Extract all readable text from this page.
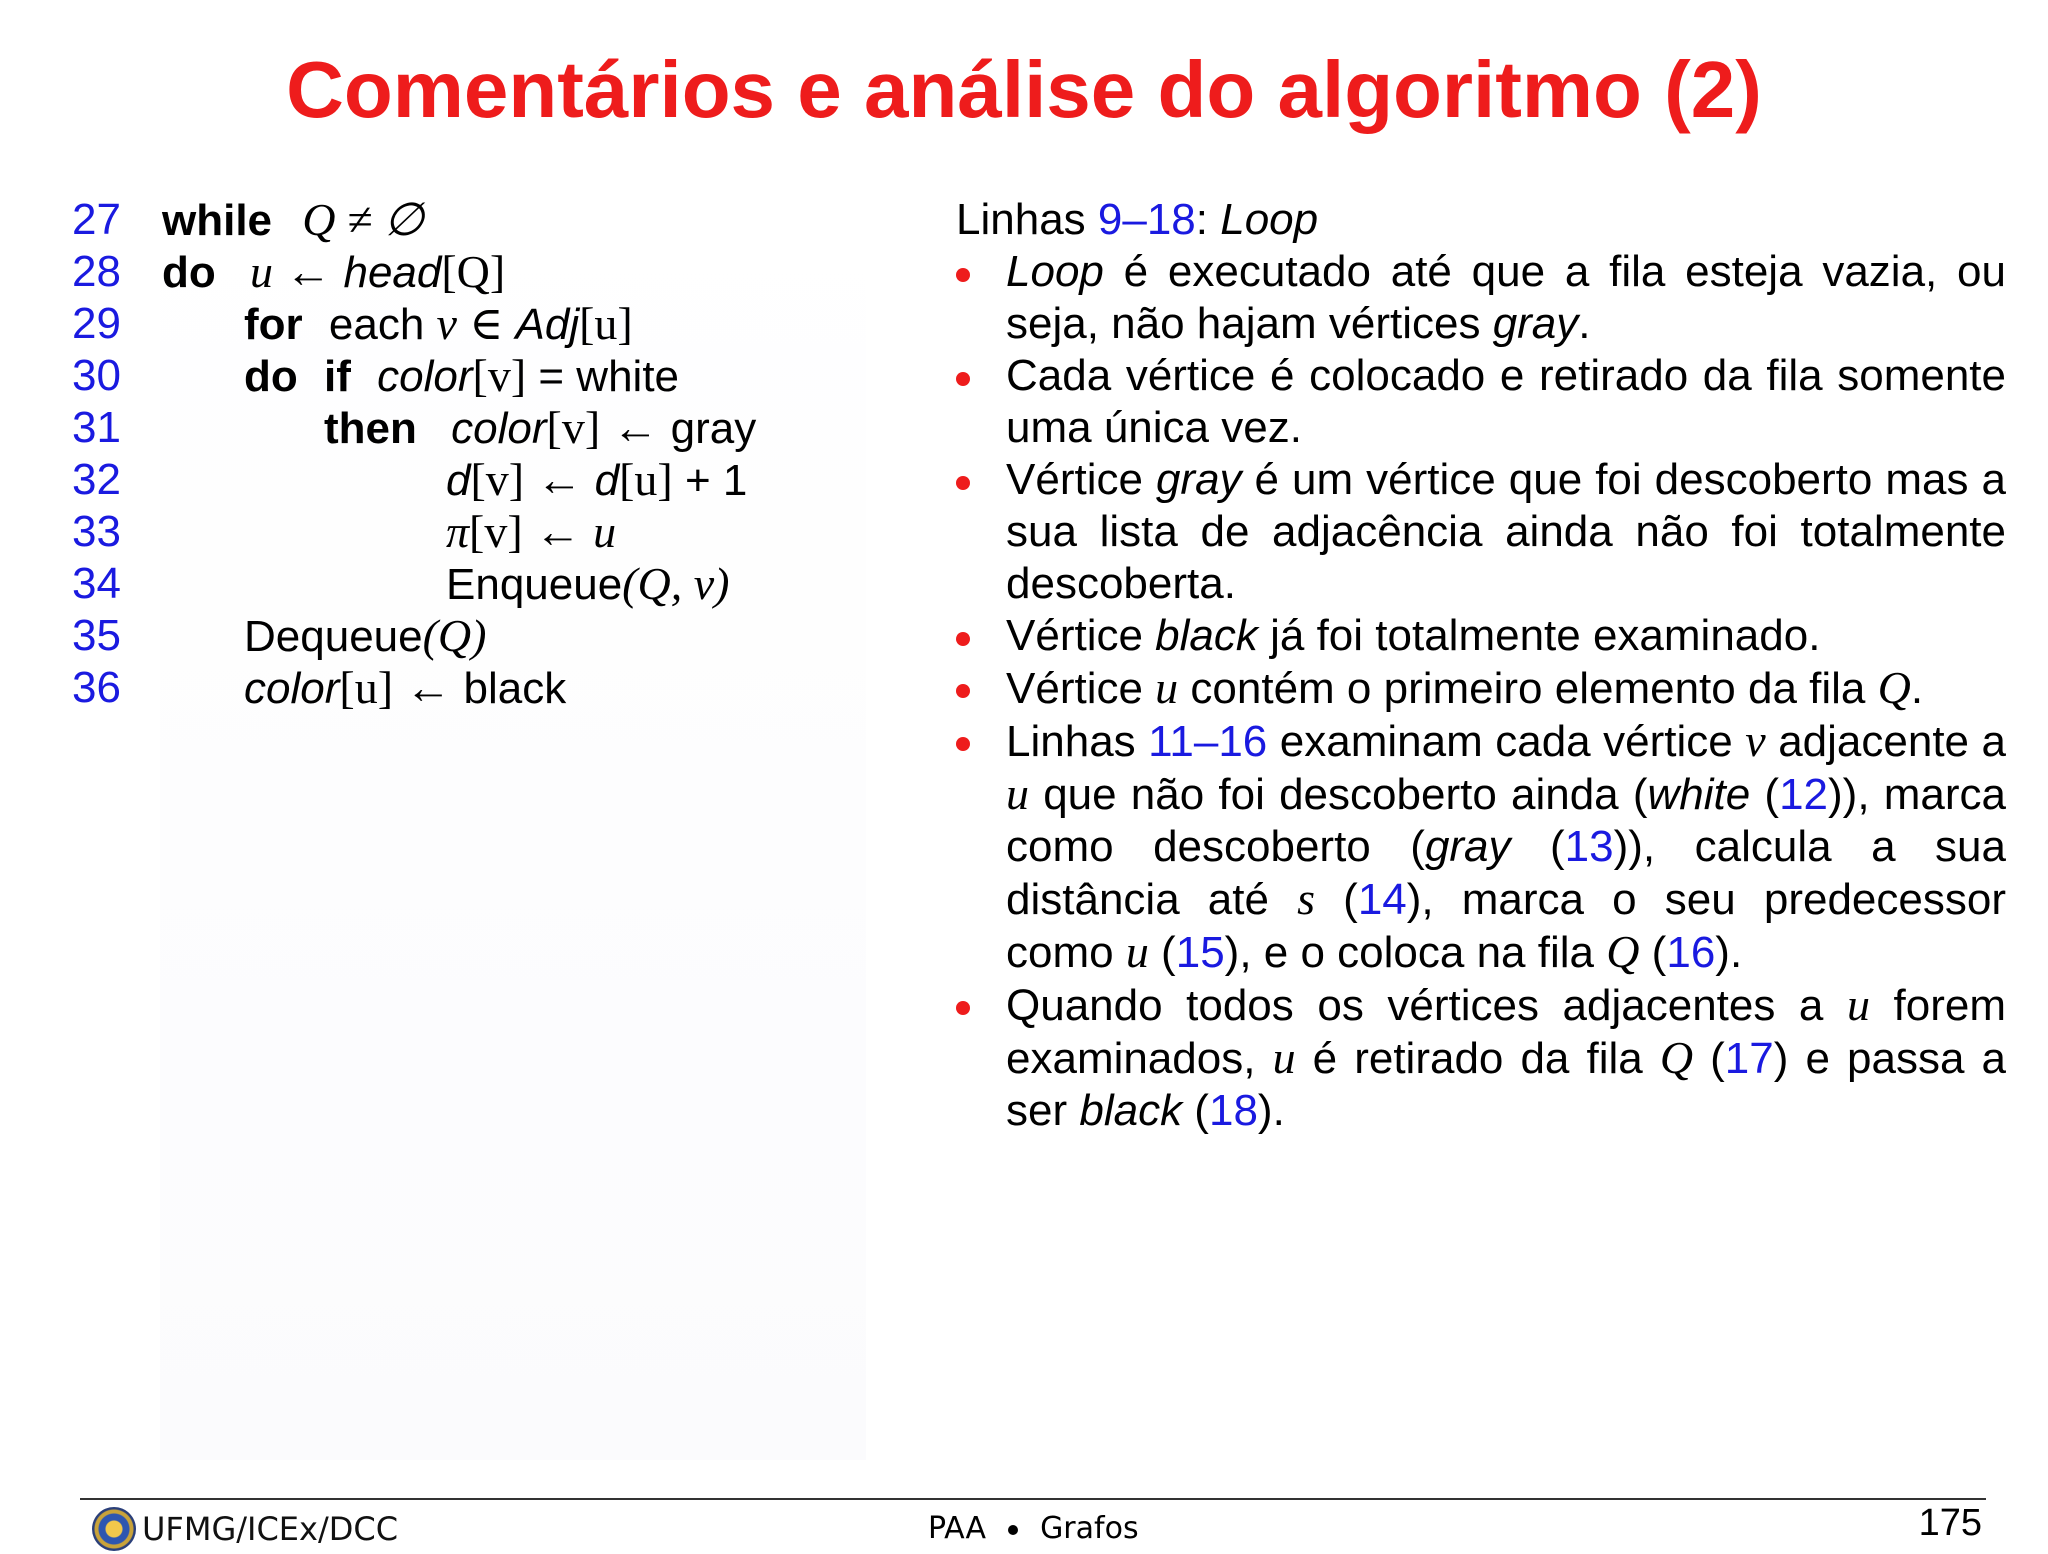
Comentários e análise do algoritmo (2)
27 while Q ≠ ∅
28 do u ← head[Q]
29	for each v ∈ Adj[u]
30	do if color[v] = white
31	then color[v] ← gray
32	d[v] ← d[u] + 1
33	π[v] ← u
34	Enqueue(Q, v)
35	Dequeue(Q)
36	color[u] ← black
Linhas 9–18: Loop
Loop é executado até que a fila esteja vazia, ou seja, não hajam vértices gray.
Cada vértice é colocado e retirado da fila somente uma única vez.
Vértice gray é um vértice que foi descoberto mas a sua lista de adjacência ainda não foi totalmente descoberta.
Vértice black já foi totalmente examinado.
Vértice u contém o primeiro elemento da fila Q.
Linhas 11–16 examinam cada vértice v adjacente a u que não foi descoberto ainda (white (12)), marca como descoberto (gray (13)), calcula a sua distância até s (14), marca o seu predecessor como u (15), e o coloca na fila Q (16).
Quando todos os vértices adjacentes a u forem examinados, u é retirado da fila Q (17) e passa a ser black (18).
UFMG/ICEx/DCC	PAA Grafos	175
